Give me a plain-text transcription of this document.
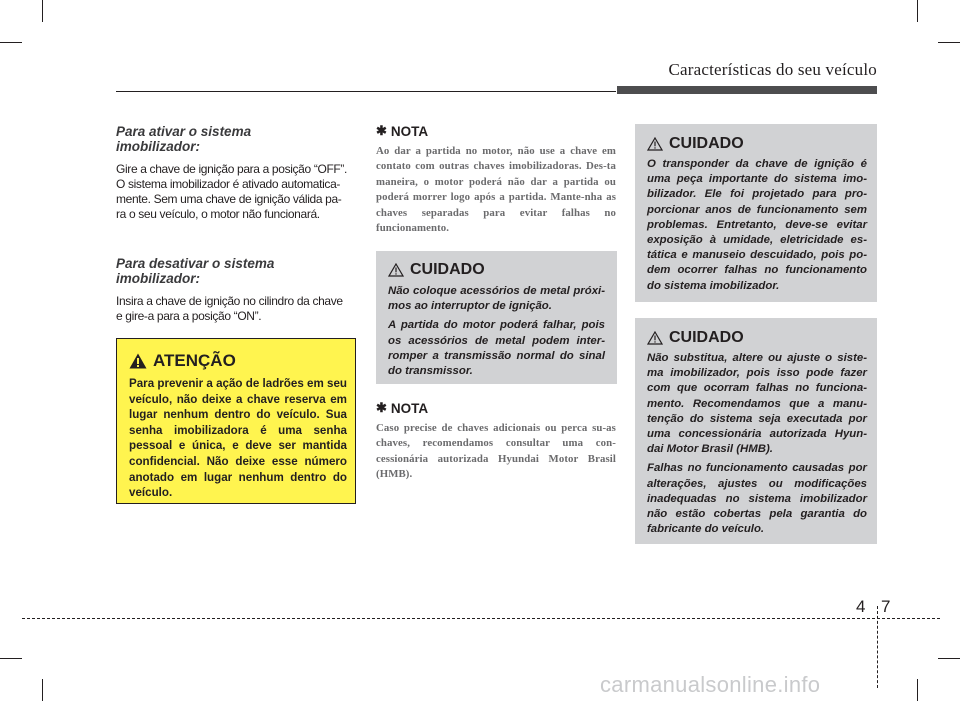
Características do seu veículo

Para ativar o sistema imobilizador:

Gire a chave de ignição para a posição “OFF”.

O sistema imobilizador é ativado automatica-

mente. Sem uma chave de ignição válida pa-

ra o seu veículo, o motor não funcionará.

Para desativar o sistema imobilizador:

Insira a chave de ignição no cilindro da chave

e gire-a para a posição “ON”.

ATENÇÃO

Para prevenir a ação de ladrões em seu veículo, não deixe a chave reserva em lugar nenhum dentro do veículo. Sua senha imobilizadora é uma senha pessoal e única, e deve ser mantida confidencial. Não deixe esse número anotado em lugar nenhum dentro do veículo.

✱ NOTA

Ao dar a partida no motor, não use a chave em contato com outras chaves imobilizadoras. Des-ta maneira, o motor poderá não dar a partida ou poderá morrer logo após a partida. Mante-nha as chaves separadas para evitar falhas no funcionamento.

CUIDADO

Não coloque acessórios de metal próxi-mos ao interruptor de ignição.

A partida do motor poderá falhar, pois os acessórios de metal podem inter-romper a transmissão normal do sinal do transmissor.

✱ NOTA

Caso precise de chaves adicionais ou perca su-as chaves, recomendamos consultar uma con-cessionária autorizada Hyundai Motor Brasil (HMB).

CUIDADO

O transponder da chave de ignição é uma peça importante do sistema imo-bilizador. Ele foi projetado para pro-porcionar anos de funcionamento sem problemas. Entretanto, deve-se evitar exposição à umidade, eletricidade es-tática e manuseio descuidado, pois po-dem ocorrer falhas no funcionamento do sistema imobilizador.

CUIDADO

Não substitua, altere ou ajuste o siste-ma imobilizador, pois isso pode fazer com que ocorram falhas no funciona-mento. Recomendamos que a manu-tenção do sistema seja executada por uma concessionária autorizada Hyun-dai Motor Brasil (HMB).

Falhas no funcionamento causadas por alterações, ajustes ou modificações inadequadas no sistema imobilizador não estão cobertas pela garantia do fabricante do veículo.

4 7
carmanualsonline.info
